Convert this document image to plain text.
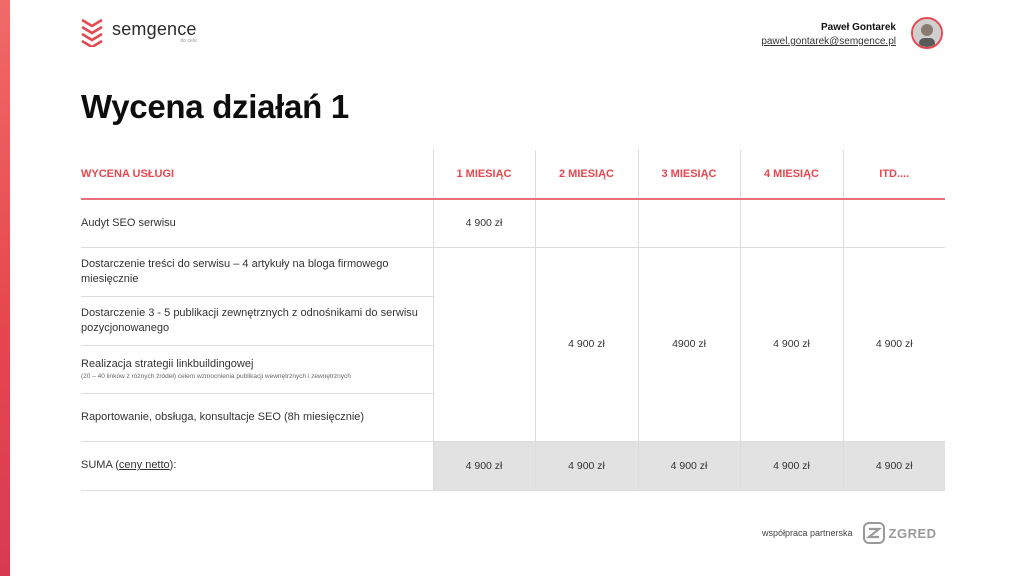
semgence
do celu
Paweł Gontarek
pawel.gontarek@semgence.pl
Wycena działań 1
WYCENA USŁUGI	1 MIESIĄC	2 MIESIĄC	3 MIESIĄC	4 MIESIĄC	ITD....
Audyt SEO serwisu	4 900 zł				
Dostarczenie treści do serwisu – 4 artykuły na bloga firmowego miesięcznie		4 900 zł	4900 zł	4 900 zł	4 900 zł
Dostarczenie 3 - 5 publikacji zewnętrznych z odnośnikami do serwisu pozycjonowanego					
Realizacja strategii linkbuildingowej
(20 – 40 linków z różnych źródeł) celem wzmocnienia publikacji wewnętrznych i zewnętrznych					

Raportowanie, obsługa, konsultacje SEO (8h miesięcznie)					
SUMA (ceny netto):	4 900 zł	4 900 zł	4 900 zł	4 900 zł	4 900 zł
współpraca partnerska	ZGRED
